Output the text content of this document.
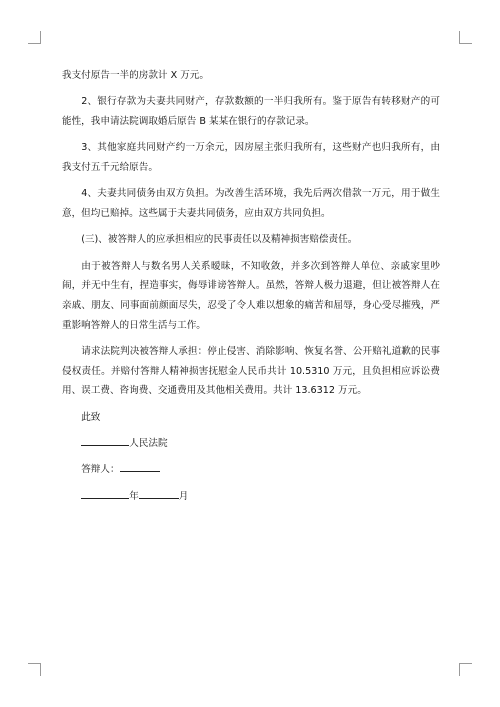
我支付原告一半的房款计 X 万元。

2、银行存款为夫妻共同财产，存款数额的一半归我所有。鉴于原告有转移财产的可能性，我申请法院调取婚后原告 B 某某在银行的存款记录。

3、其他家庭共同财产约一万余元，因房屋主张归我所有，这些财产也归我所有，由我支付五千元给原告。

4、夫妻共同债务由双方负担。为改善生活环境，我先后两次借款一万元，用于做生意，但均已赔掉。这些属于夫妻共同债务，应由双方共同负担。

(三)、被答辩人的应承担相应的民事责任以及精神损害赔偿责任。

由于被答辩人与数名男人关系暧昧，不知收敛，并多次到答辩人单位、亲戚家里吵闹，并无中生有，捏造事实，侮辱诽谤答辩人。虽然，答辩人极力退避，但让被答辩人在亲戚、朋友、同事面前颜面尽失，忍受了令人难以想象的痛苦和屈辱，身心受尽摧残，严重影响答辩人的日常生活与工作。

请求法院判决被答辩人承担：停止侵害、消除影响、恢复名誉、公开赔礼道歉的民事侵权责任。并赔付答辩人精神损害抚慰金人民币共计 10.5310 万元，且负担相应诉讼费用、误工费、咨询费、交通费用及其他相关费用。共计 13.6312 万元。

此致

人民法院

答辩人：

年	月
